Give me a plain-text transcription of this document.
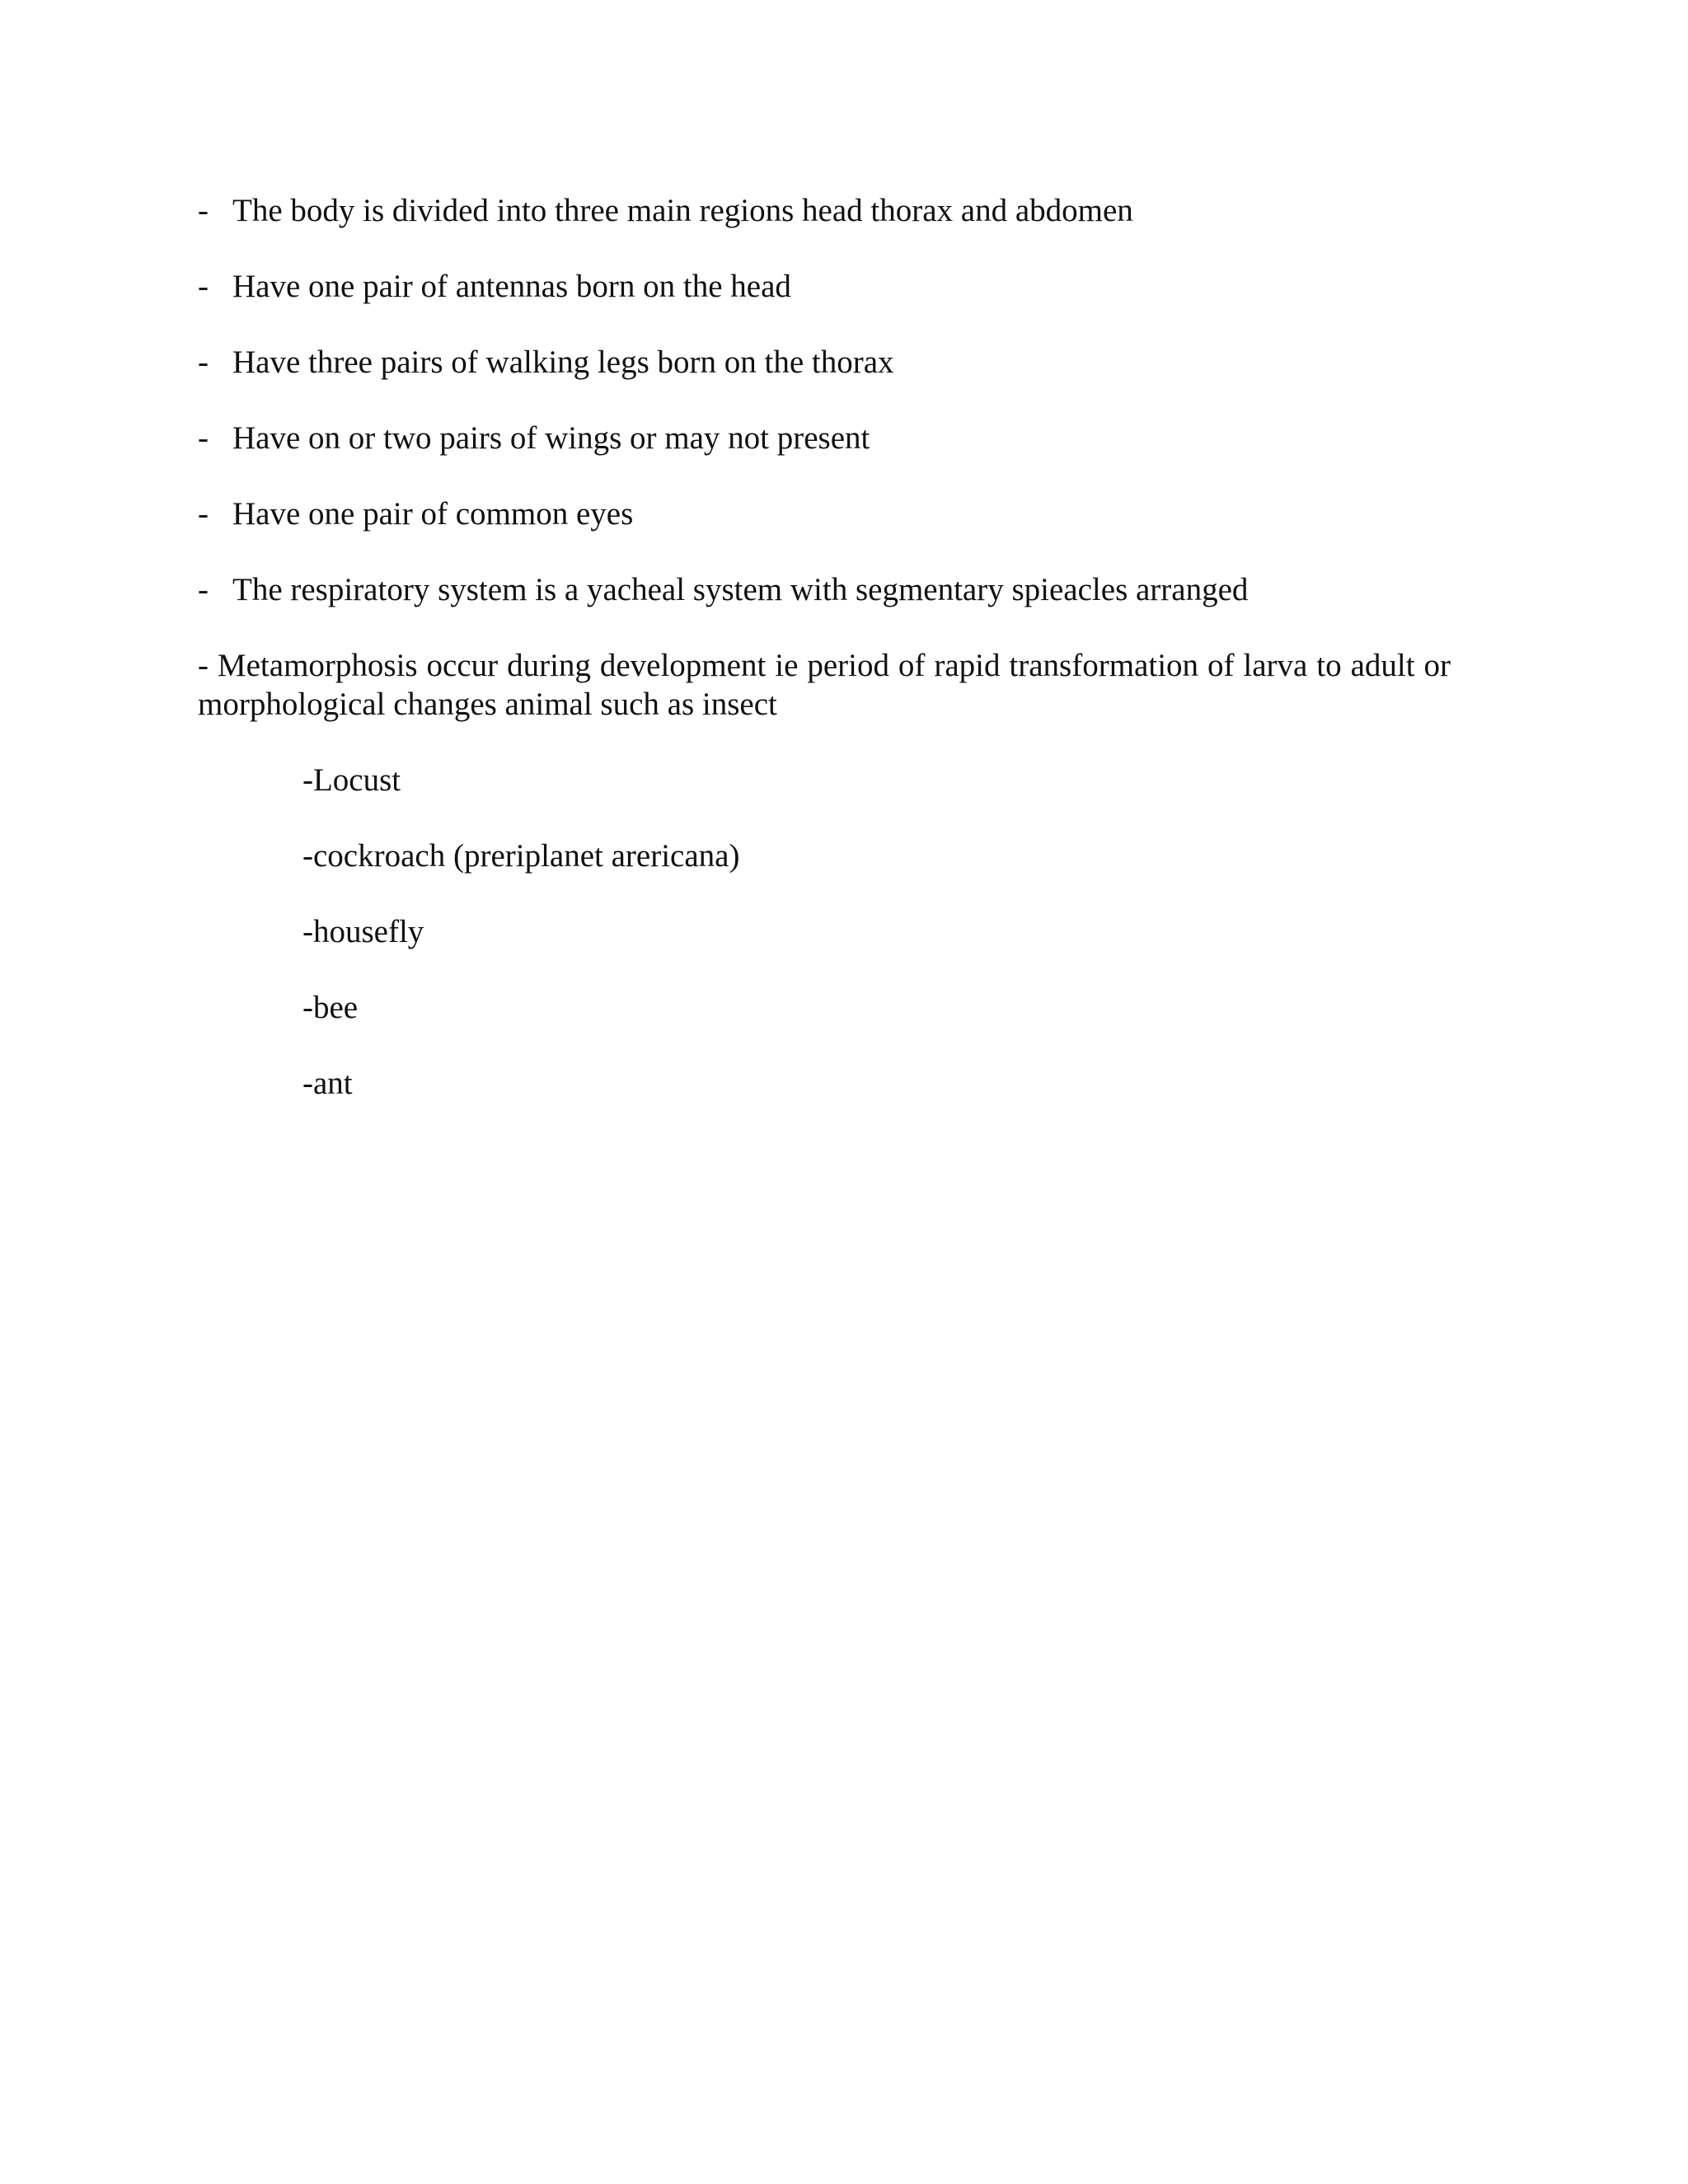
- The body is divided into three main regions head thorax and abdomen
- Have one pair of antennas born on the head
- Have three pairs of walking legs born on the thorax
- Have on or two pairs of wings or may not present
- Have one pair of common eyes
- The respiratory system is a yacheal system with segmentary spieacles arranged

- Metamorphosis occur during development ie period of rapid transformation of larva to adult or morphological changes animal such as insect

-Locust
-cockroach (preriplanet arericana)
-housefly
-bee
-ant
